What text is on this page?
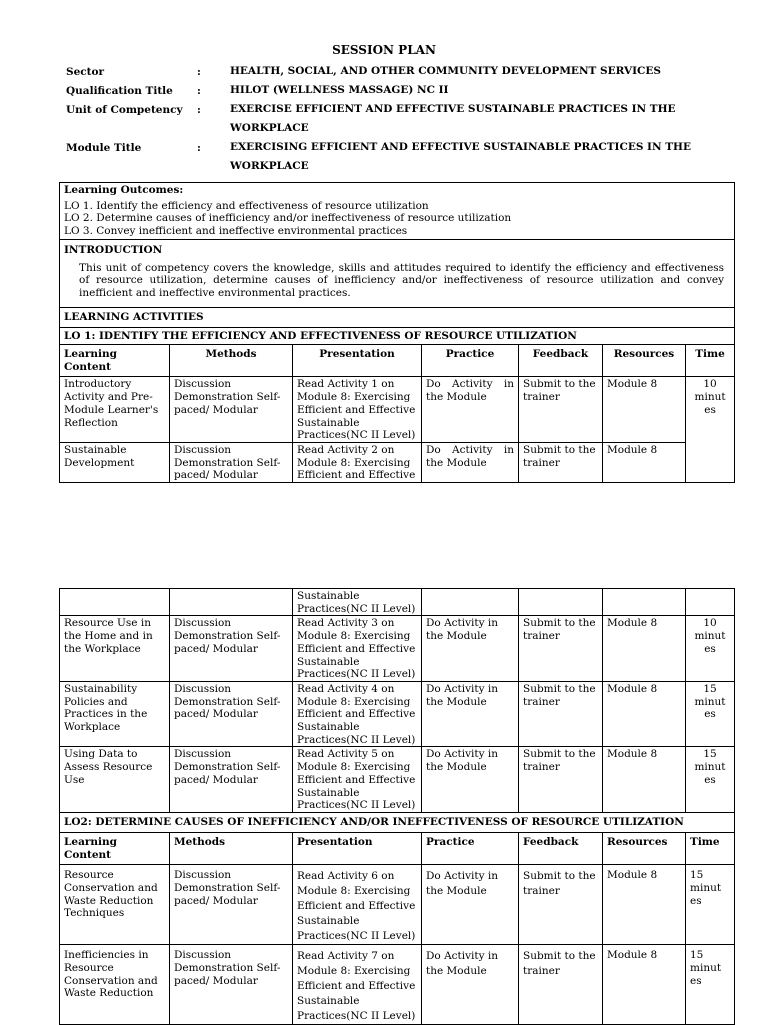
SESSION PLAN
Sector	:	HEALTH, SOCIAL, AND OTHER COMMUNITY DEVELOPMENT SERVICES
Qualification Title :	HILOT (WELLNESS MASSAGE) NC II
Unit of Competency :	EXERCISE EFFICIENT AND EFFECTIVE SUSTAINABLE PRACTICES IN THE WORKPLACE
Module Title	:	EXERCISING EFFICIENT AND EFFECTIVE SUSTAINABLE PRACTICES IN THE WORKPLACE
Learning Outcomes:
LO 1. Identify the efficiency and effectiveness of resource utilization
LO 2. Determine causes of inefficiency and/or ineffectiveness of resource utilization
LO 3. Convey inefficient and ineffective environmental practices						

INTRODUCTION
This unit of competency covers the knowledge, skills and attitudes required to identify the efficiency and effectiveness of resource utilization, determine causes of inefficiency and/or ineffectiveness of resource utilization and convey inefficient and ineffective environmental practices.						

LEARNING ACTIVITIES						
LO 1: IDENTIFY THE EFFICIENCY AND EFFECTIVENESS OF RESOURCE UTILIZATION						
Learning Content	Methods	Presentation	Practice	Feedback	Resources	Time
Introductory Activity and Pre-Module Learner's Reflection	Discussion Demonstration Self-paced/ Modular	Read Activity 1 on Module 8: Exercising Efficient and Effective Sustainable Practices(NC II Level)	Do Activity in the Module	Submit to the trainer	Module 8	10 minut es
Sustainable Development	Discussion Demonstration Self-paced/ Modular	Read Activity 2 on Module 8: Exercising Efficient and Effective	Do Activity in the Module	Submit to the trainer	Module 8	
		Sustainable Practices(NC II Level)				
Resource Use in the Home and in the Workplace	Discussion Demonstration Self-paced/ Modular	Read Activity 3 on Module 8: Exercising Efficient and Effective Sustainable Practices(NC II Level)	Do Activity in the Module	Submit to the trainer	Module 8	10 minut es
Sustainability Policies and Practices in the Workplace	Discussion Demonstration Self-paced/ Modular	Read Activity 4 on Module 8: Exercising Efficient and Effective Sustainable Practices(NC II Level)	Do Activity in the Module	Submit to the trainer	Module 8	15 minut es
Using Data to Assess Resource Use	Discussion Demonstration Self-paced/ Modular	Read Activity 5 on Module 8: Exercising Efficient and Effective Sustainable Practices(NC II Level)	Do Activity in the Module	Submit to the trainer	Module 8	15 minut es
LO2: DETERMINE CAUSES OF INEFFICIENCY AND/OR INEFFECTIVENESS OF RESOURCE UTILIZATION						
Learning Content	Methods	Presentation	Practice	Feedback	Resources	Time
Resource Conservation and Waste Reduction Techniques	Discussion Demonstration Self-paced/ Modular	Read Activity 6 on Module 8: Exercising Efficient and Effective Sustainable Practices(NC II Level)	Do Activity in the Module	Submit to the trainer	Module 8	15 minut es
Inefficiencies in Resource Conservation and Waste Reduction	Discussion Demonstration Self-paced/ Modular	Read Activity 7 on Module 8: Exercising Efficient and Effective Sustainable Practices(NC II Level)	Do Activity in the Module	Submit to the trainer	Module 8	15 minut es
